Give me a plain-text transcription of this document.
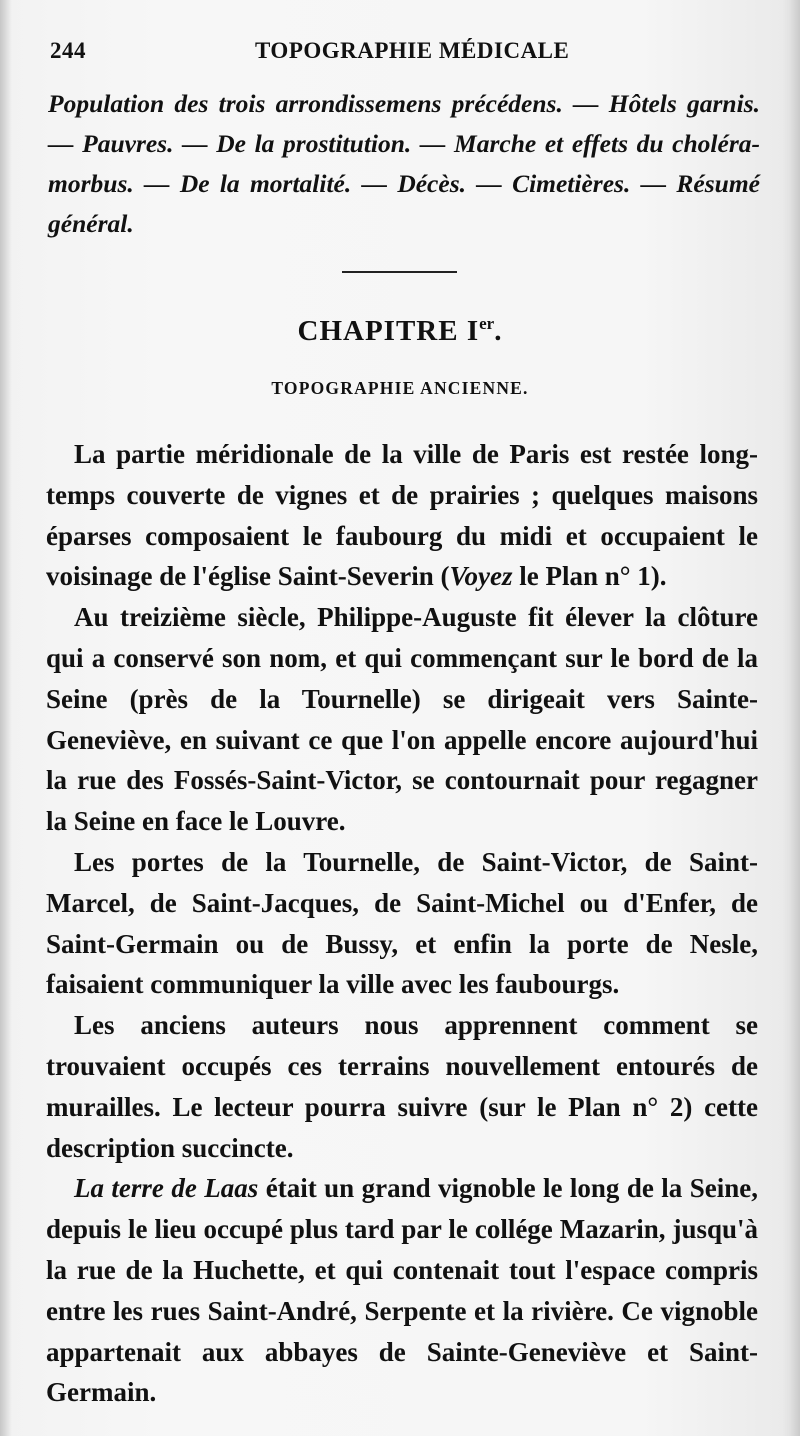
244	TOPOGRAPHIE MÉDICALE
Population des trois arrondissemens précédens. — Hôtels garnis. — Pauvres. — De la prostitution. — Marche et effets du choléra-morbus. — De la mortalité. — Décès. — Cimetières. — Résumé général.
CHAPITRE Ier.
TOPOGRAPHIE ANCIENNE.

La partie méridionale de la ville de Paris est restée long-temps couverte de vignes et de prairies ; quelques maisons éparses composaient le faubourg du midi et occupaient le voisinage de l'église Saint-Severin (Voyez le Plan n° 1).

Au treizième siècle, Philippe-Auguste fit élever la clôture qui a conservé son nom, et qui commençant sur le bord de la Seine (près de la Tournelle) se dirigeait vers Sainte-Geneviève, en suivant ce que l'on appelle encore aujourd'hui la rue des Fossés-Saint-Victor, se contournait pour regagner la Seine en face le Louvre.

Les portes de la Tournelle, de Saint-Victor, de Saint-Marcel, de Saint-Jacques, de Saint-Michel ou d'Enfer, de Saint-Germain ou de Bussy, et enfin la porte de Nesle, faisaient communiquer la ville avec les faubourgs.

Les anciens auteurs nous apprennent comment se trouvaient occupés ces terrains nouvellement entourés de murailles. Le lecteur pourra suivre (sur le Plan n° 2) cette description succincte.

La terre de Laas était un grand vignoble le long de la Seine, depuis le lieu occupé plus tard par le collége Mazarin, jusqu'à la rue de la Huchette, et qui contenait tout l'espace compris entre les rues Saint-André, Serpente et la rivière. Ce vignoble appartenait aux abbayes de Sainte-Geneviève et Saint-Germain.
